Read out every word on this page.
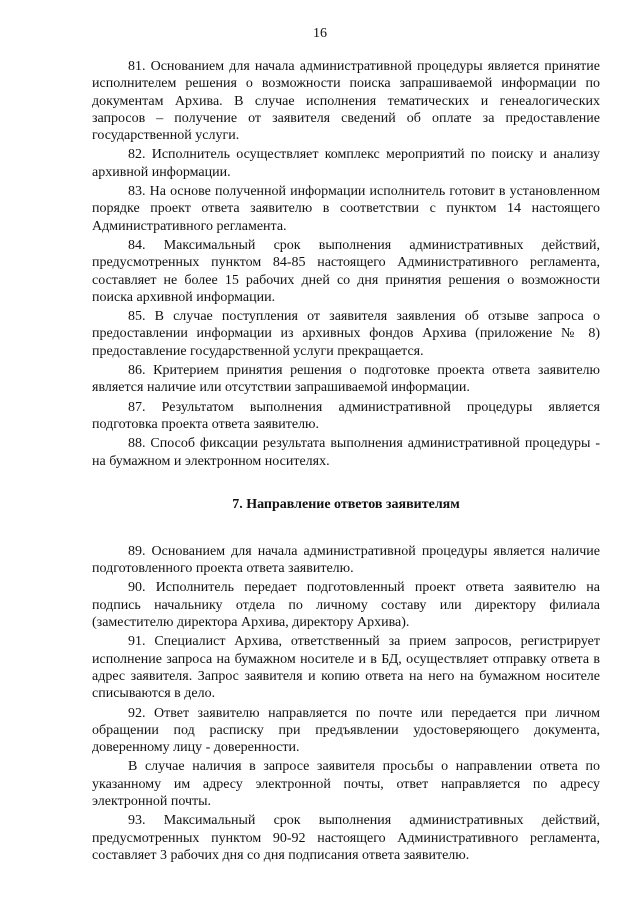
16

81. Основанием для начала административной процедуры является принятие исполнителем решения о возможности поиска запрашиваемой информации по документам Архива. В случае исполнения тематических и генеалогических запросов – получение от заявителя сведений об оплате за предоставление государственной услуги.

82. Исполнитель осуществляет комплекс мероприятий по поиску и анализу архивной информации.

83. На основе полученной информации исполнитель готовит в установленном порядке проект ответа заявителю в соответствии с пунктом 14 настоящего Административного регламента.

84. Максимальный срок выполнения административных действий, предусмотренных пунктом 84-85 настоящего Административного регламента, составляет не более 15 рабочих дней со дня принятия решения о возможности поиска архивной информации.

85. В случае поступления от заявителя заявления об отзыве запроса о предоставлении информации из архивных фондов Архива (приложение № 8) предоставление государственной услуги прекращается.

86. Критерием принятия решения о подготовке проекта ответа заявителю является наличие или отсутствии запрашиваемой информации.

87. Результатом выполнения административной процедуры является подготовка проекта ответа заявителю.

88. Способ фиксации результата выполнения административной процедуры - на бумажном и электронном носителях.

7. Направление ответов заявителям

89. Основанием для начала административной процедуры является наличие подготовленного проекта ответа заявителю.

90. Исполнитель передает подготовленный проект ответа заявителю на подпись начальнику отдела по личному составу или директору филиала (заместителю директора Архива, директору Архива).

91. Специалист Архива, ответственный за прием запросов, регистрирует исполнение запроса на бумажном носителе и в БД, осуществляет отправку ответа в адрес заявителя. Запрос заявителя и копию ответа на него на бумажном носителе списываются в дело.

92. Ответ заявителю направляется по почте или передается при личном обращении под расписку при предъявлении удостоверяющего документа, доверенному лицу - доверенности.

В случае наличия в запросе заявителя просьбы о направлении ответа по указанному им адресу электронной почты, ответ направляется по адресу электронной почты.

93. Максимальный срок выполнения административных действий, предусмотренных пунктом 90-92 настоящего Административного регламента, составляет 3 рабочих дня со дня подписания ответа заявителю.
